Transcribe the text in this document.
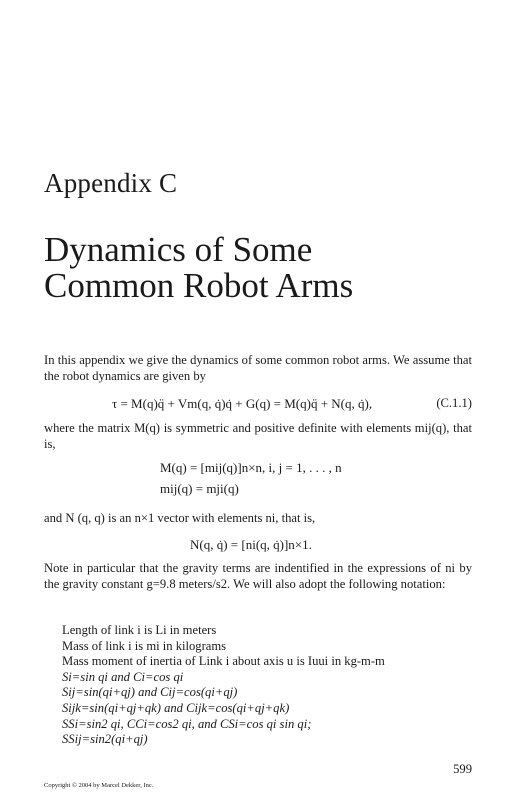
Appendix C
Dynamics of Some
Common Robot Arms
In this appendix we give the dynamics of some common robot arms. We assume that the robot dynamics are given by
τ = M(q)q̈ + Vm(q, q̇)q̇ + G(q) = M(q)q̈ + N(q, q̇),	(C.1.1)
where the matrix M(q) is symmetric and positive definite with elements mij(q), that is,
M(q) = [mij(q)]n×n, i, j = 1, . . . , n
mij(q) = mji(q)
and N (q, q) is an n×1 vector with elements ni, that is,
N(q, q̇) = [ni(q, q̇)]n×1.
Note in particular that the gravity terms are indentified in the expressions of ni by the gravity constant g=9.8 meters/s2. We will also adopt the following notation:
Length of link i is Li in meters
Mass of link i is mi in kilograms
Mass moment of inertia of Link i about axis u is Iuui in kg-m-m
Si=sin qi and Ci=cos qi
Sij=sin(qi+qj) and Cij=cos(qi+qj)
Sijk=sin(qi+qj+qk) and Cijk=cos(qi+qj+qk)
SSi=sin2 qi, CCi=cos2 qi, and CSi=cos qi sin qi;
SSij=sin2(qi+qj)
599
Copyright © 2004 by Marcel Dekker, Inc.
